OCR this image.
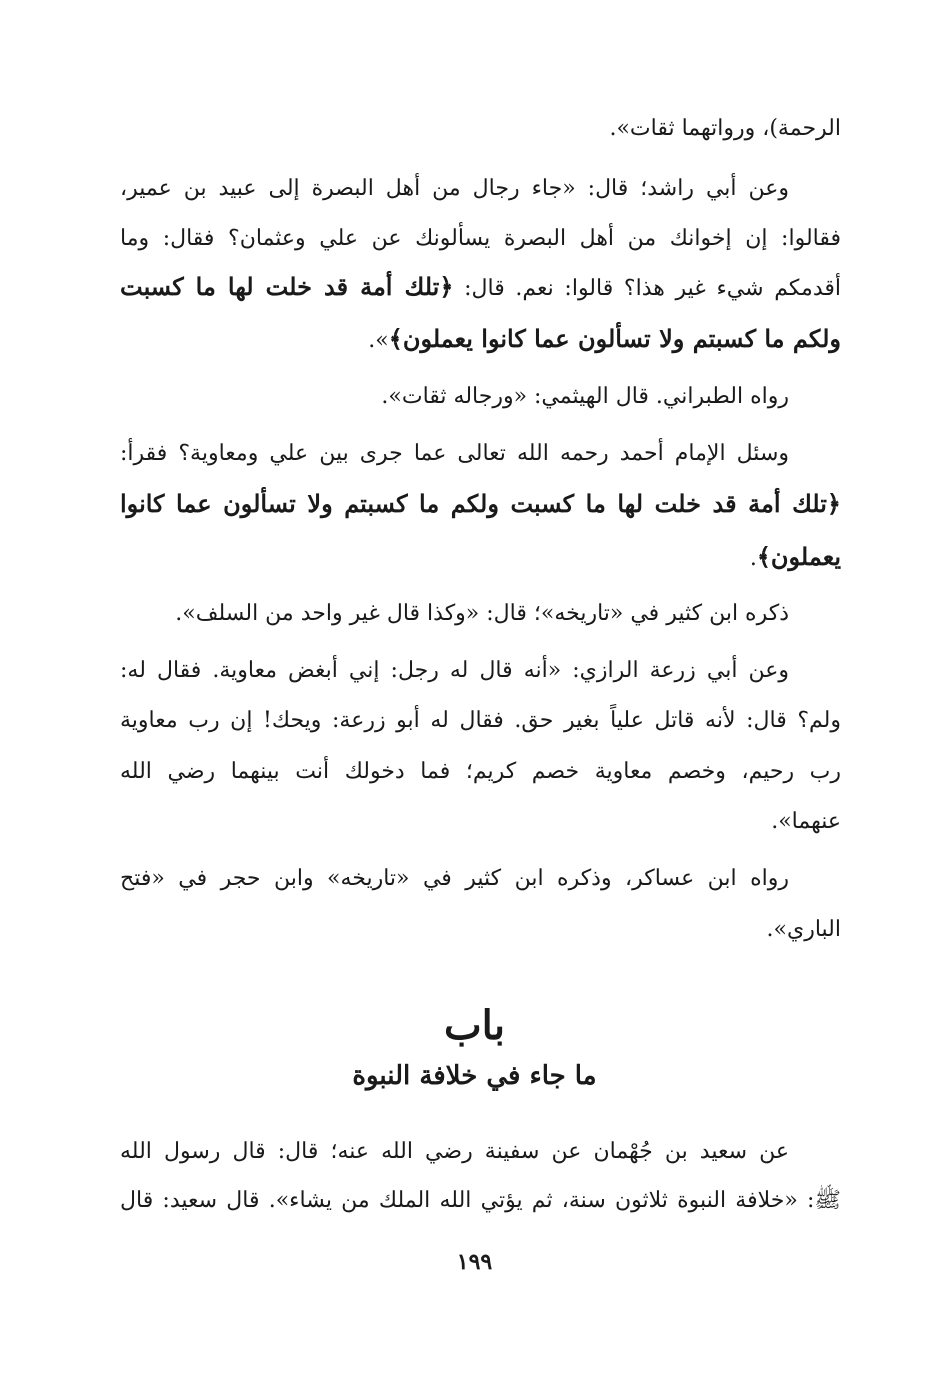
الرحمة)، ورواتهما ثقات».
وعن أبي راشد؛ قال: «جاء رجال من أهل البصرة إلى عبيد بن عمير،
فقالوا: إن إخوانك من أهل البصرة يسألونك عن علي وعثمان؟ فقال: وما
أقدمكم شيء غير هذا؟ قالوا: نعم. قال: ﴿تلك أمة قد خلت لها ما كسبت
ولكم ما كسبتم ولا تسألون عما كانوا يعملون﴾».
رواه الطبراني. قال الهيثمي: «ورجاله ثقات».
وسئل الإمام أحمد رحمه الله تعالى عما جرى بين علي ومعاوية؟ فقرأ:
﴿تلك أمة قد خلت لها ما كسبت ولكم ما كسبتم ولا تسألون عما كانوا
يعملون﴾.
ذكره ابن كثير في «تاريخه»؛ قال: «وكذا قال غير واحد من السلف».
وعن أبي زرعة الرازي: «أنه قال له رجل: إني أبغض معاوية. فقال له:
ولم؟ قال: لأنه قاتل علياً بغير حق. فقال له أبو زرعة: ويحك! إن رب معاوية
رب رحيم، وخصم معاوية خصم كريم؛ فما دخولك أنت بينهما رضي الله
عنهما».
رواه ابن عساكر، وذكره ابن كثير في «تاريخه» وابن حجر في «فتح
الباري».
باب
ما جاء في خلافة النبوة
عن سعيد بن جُهْمان عن سفينة رضي الله عنه؛ قال: قال رسول الله
ﷺ: «خلافة النبوة ثلاثون سنة، ثم يؤتي الله الملك من يشاء». قال سعيد: قال
١٩٩
